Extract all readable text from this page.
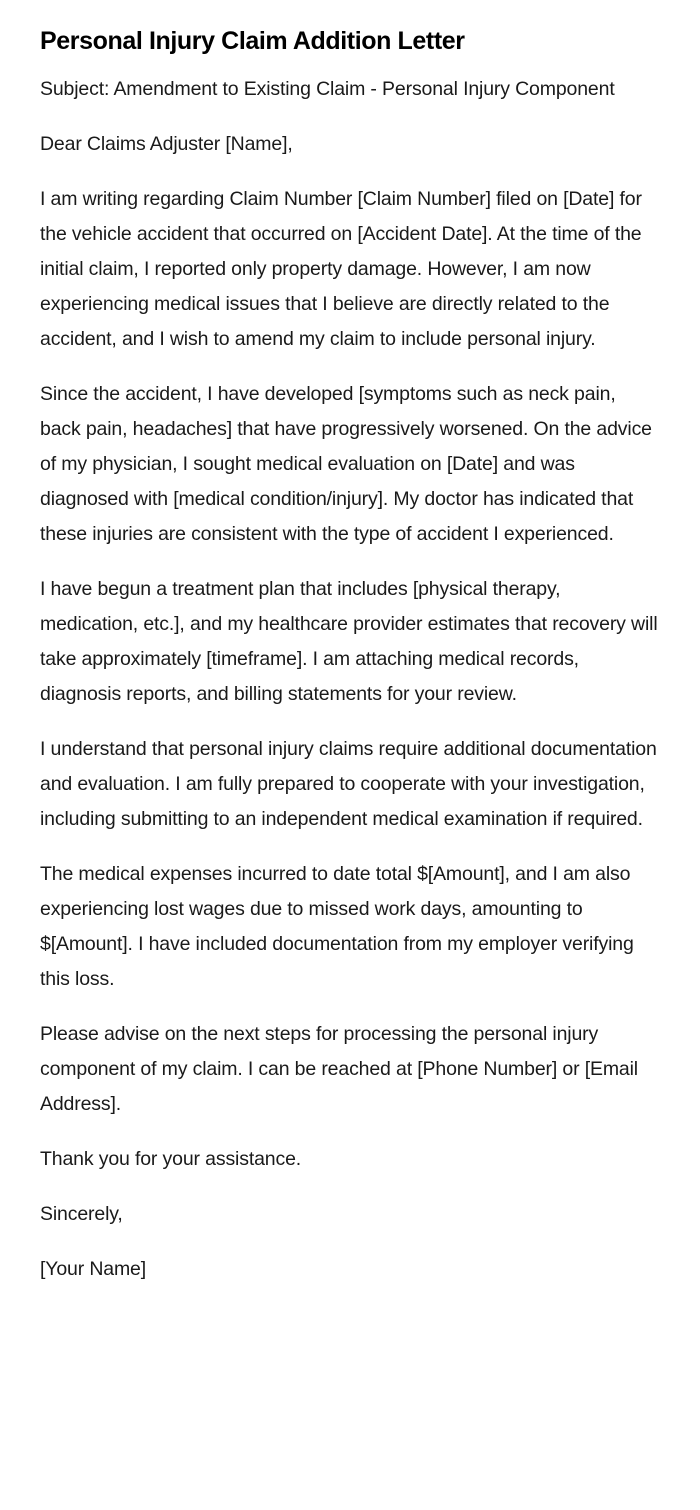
Personal Injury Claim Addition Letter

Subject: Amendment to Existing Claim - Personal Injury Component

Dear Claims Adjuster [Name],

I am writing regarding Claim Number [Claim Number] filed on [Date] for the vehicle accident that occurred on [Accident Date]. At the time of the initial claim, I reported only property damage. However, I am now experiencing medical issues that I believe are directly related to the accident, and I wish to amend my claim to include personal injury.

Since the accident, I have developed [symptoms such as neck pain, back pain, headaches] that have progressively worsened. On the advice of my physician, I sought medical evaluation on [Date] and was diagnosed with [medical condition/injury]. My doctor has indicated that these injuries are consistent with the type of accident I experienced.

I have begun a treatment plan that includes [physical therapy, medication, etc.], and my healthcare provider estimates that recovery will take approximately [timeframe]. I am attaching medical records, diagnosis reports, and billing statements for your review.

I understand that personal injury claims require additional documentation and evaluation. I am fully prepared to cooperate with your investigation, including submitting to an independent medical examination if required.

The medical expenses incurred to date total $[Amount], and I am also experiencing lost wages due to missed work days, amounting to $[Amount]. I have included documentation from my employer verifying this loss.

Please advise on the next steps for processing the personal injury component of my claim. I can be reached at [Phone Number] or [Email Address].

Thank you for your assistance.

Sincerely,

[Your Name]
